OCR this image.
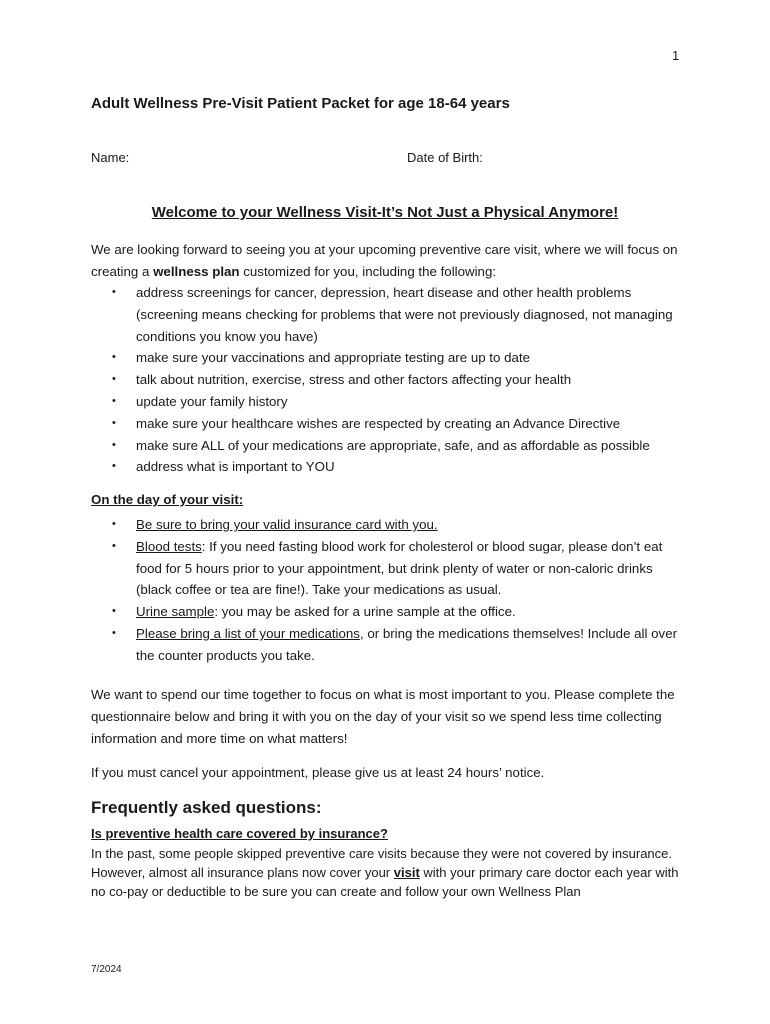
1
Adult Wellness Pre-Visit Patient Packet for age 18-64 years
Name:	Date of Birth:
Welcome to your Wellness Visit-It’s Not Just a Physical Anymore!

We are looking forward to seeing you at your upcoming preventive care visit, where we will focus on creating a wellness plan customized for you, including the following:

• address screenings for cancer, depression, heart disease and other health problems (screening means checking for problems that were not previously diagnosed, not managing conditions you know you have)
• make sure your vaccinations and appropriate testing are up to date
• talk about nutrition, exercise, stress and other factors affecting your health
• update your family history
• make sure your healthcare wishes are respected by creating an Advance Directive
• make sure ALL of your medications are appropriate, safe, and as affordable as possible
• address what is important to YOU
On the day of your visit:
• Be sure to bring your valid insurance card with you.
• Blood tests: If you need fasting blood work for cholesterol or blood sugar, please don’t eat food for 5 hours prior to your appointment, but drink plenty of water or non-caloric drinks (black coffee or tea are fine!). Take your medications as usual.
• Urine sample: you may be asked for a urine sample at the office.
• Please bring a list of your medications, or bring the medications themselves! Include all over the counter products you take.

We want to spend our time together to focus on what is most important to you. Please complete the questionnaire below and bring it with you on the day of your visit so we spend less time collecting information and more time on what matters!

If you must cancel your appointment, please give us at least 24 hours’ notice.

Frequently asked questions:

Is preventive health care covered by insurance?

In the past, some people skipped preventive care visits because they were not covered by insurance. However, almost all insurance plans now cover your visit with your primary care doctor each year with no co-pay or deductible to be sure you can create and follow your own Wellness Plan

7/2024
